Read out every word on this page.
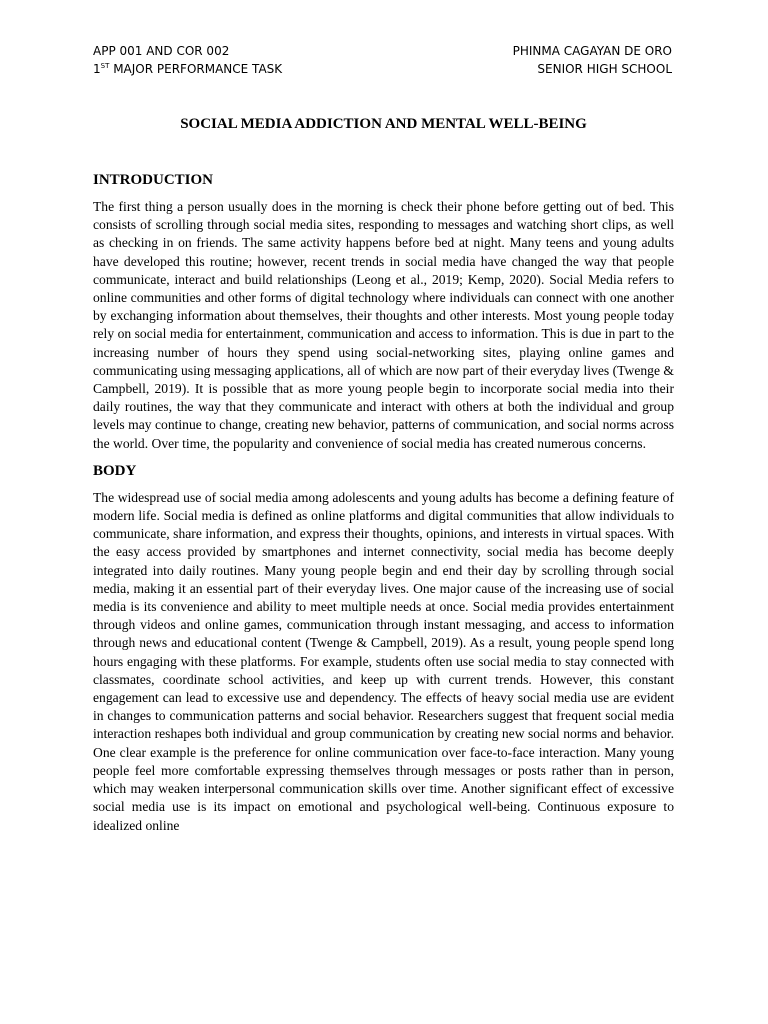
APP 001 AND COR 002
1ST MAJOR PERFORMANCE TASK
PHINMA CAGAYAN DE ORO
SENIOR HIGH SCHOOL
SOCIAL MEDIA ADDICTION AND MENTAL WELL-BEING
INTRODUCTION

The first thing a person usually does in the morning is check their phone before getting out of bed. This consists of scrolling through social media sites, responding to messages and watching short clips, as well as checking in on friends. The same activity happens before bed at night. Many teens and young adults have developed this routine; however, recent trends in social media have changed the way that people communicate, interact and build relationships (Leong et al., 2019; Kemp, 2020). Social Media refers to online communities and other forms of digital technology where individuals can connect with one another by exchanging information about themselves, their thoughts and other interests. Most young people today rely on social media for entertainment, communication and access to information. This is due in part to the increasing number of hours they spend using social-networking sites, playing online games and communicating using messaging applications, all of which are now part of their everyday lives (Twenge & Campbell, 2019). It is possible that as more young people begin to incorporate social media into their daily routines, the way that they communicate and interact with others at both the individual and group levels may continue to change, creating new behavior, patterns of communication, and social norms across the world. Over time, the popularity and convenience of social media has created numerous concerns.

BODY

The widespread use of social media among adolescents and young adults has become a defining feature of modern life. Social media is defined as online platforms and digital communities that allow individuals to communicate, share information, and express their thoughts, opinions, and interests in virtual spaces. With the easy access provided by smartphones and internet connectivity, social media has become deeply integrated into daily routines. Many young people begin and end their day by scrolling through social media, making it an essential part of their everyday lives. One major cause of the increasing use of social media is its convenience and ability to meet multiple needs at once. Social media provides entertainment through videos and online games, communication through instant messaging, and access to information through news and educational content (Twenge & Campbell, 2019). As a result, young people spend long hours engaging with these platforms. For example, students often use social media to stay connected with classmates, coordinate school activities, and keep up with current trends. However, this constant engagement can lead to excessive use and dependency. The effects of heavy social media use are evident in changes to communication patterns and social behavior. Researchers suggest that frequent social media interaction reshapes both individual and group communication by creating new social norms and behavior. One clear example is the preference for online communication over face-to-face interaction. Many young people feel more comfortable expressing themselves through messages or posts rather than in person, which may weaken interpersonal communication skills over time. Another significant effect of excessive social media use is its impact on emotional and psychological well-being. Continuous exposure to idealized online
